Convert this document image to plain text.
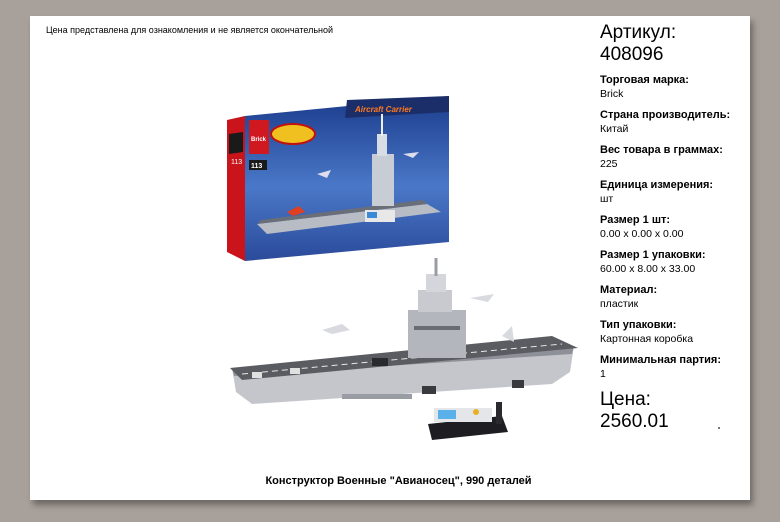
Цена представлена для ознакомления и не является окончательной
113
Brick
113
Aircraft Carrier
Артикул:
408096
Торговая марка:
Brick
Страна производитель:
Китай
Вес товара в граммах:
225
Единица измерения:
шт
Размер 1 шт:
0.00 x 0.00 x 0.00
Размер 1 упаковки:
60.00 x 8.00 x 33.00
Материал:
пластик
Тип упаковки:
Картонная коробка
Минимальная партия:
1
Цена:
2560.01
Конструктор Военные "Авианосец", 990 деталей
